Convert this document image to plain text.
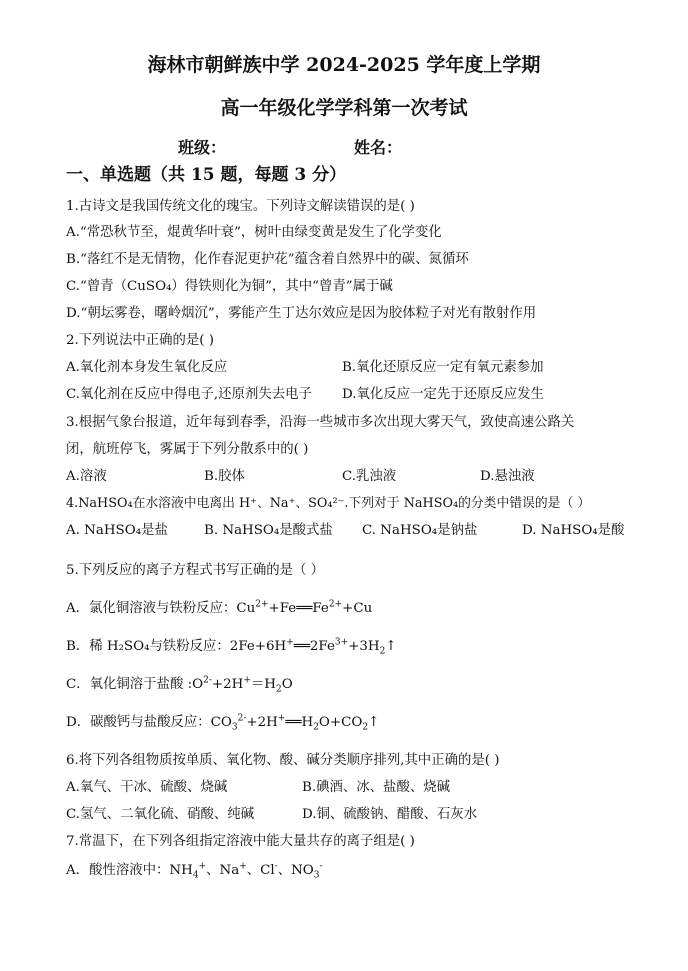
海林市朝鲜族中学 2024-2025 学年度上学期
高一年级化学学科第一次考试
班级：	姓名：
一、单选题（共 15 题，每题 3 分）
1.古诗文是我国传统文化的瑰宝。下列诗文解读错误的是( )
A.“常恐秋节至，焜黄华叶衰”，树叶由绿变黄是发生了化学变化
B.“落红不是无情物，化作春泥更护花”蕴含着自然界中的碳、氮循环
C.“曾青（CuSO₄）得铁则化为铜”，其中“曾青”属于碱
D.“朝坛雾卷，曙岭烟沉”，雾能产生丁达尔效应是因为胶体粒子对光有散射作用
2.下列说法中正确的是( )
A.氧化剂本身发生氧化反应	B.氧化还原反应一定有氧元素参加
C.氧化剂在反应中得电子,还原剂失去电子 D.氧化反应一定先于还原反应发生
3.根据气象台报道，近年每到春季，沿海一些城市多次出现大雾天气，致使高速公路关
闭，航班停飞，雾属于下列分散系中的( )
A.溶液	B.胶体	C.乳浊液	D.悬浊液
4.NaHSO₄在水溶液中电离出 H⁺、Na⁺、SO₄²⁻.下列对于 NaHSO₄的分类中错误的是（ ）
A. NaHSO₄是盐	B. NaHSO₄是酸式盐 C. NaHSO₄是钠盐	D. NaHSO₄是酸
5.下列反应的离子方程式书写正确的是（ ）
A．氯化铜溶液与铁粉反应：$Cu^{2+}+Fe══Fe^{2+}+Cu$
B．稀 H₂SO₄与铁粉反应：$2Fe+6H^+══2Fe^{3+}+3H_2↑$
C．氧化铜溶于盐酸 $:O^{2-}+2H^+=H_2O$
D．碳酸钙与盐酸反应：$CO_3^{2-}+2H^+══H_2O+CO_2↑$
6.将下列各组物质按单质、氧化物、酸、碱分类顺序排列,其中正确的是( )
A.氧气、干冰、硫酸、烧碱	B.碘酒、冰、盐酸、烧碱
C.氢气、二氧化硫、硝酸、纯碱	D.铜、硫酸钠、醋酸、石灰水
7.常温下，在下列各组指定溶液中能大量共存的离子组是( )
A．酸性溶液中：$NH_4^+$、Na+、Cl-、$NO_3^-$
